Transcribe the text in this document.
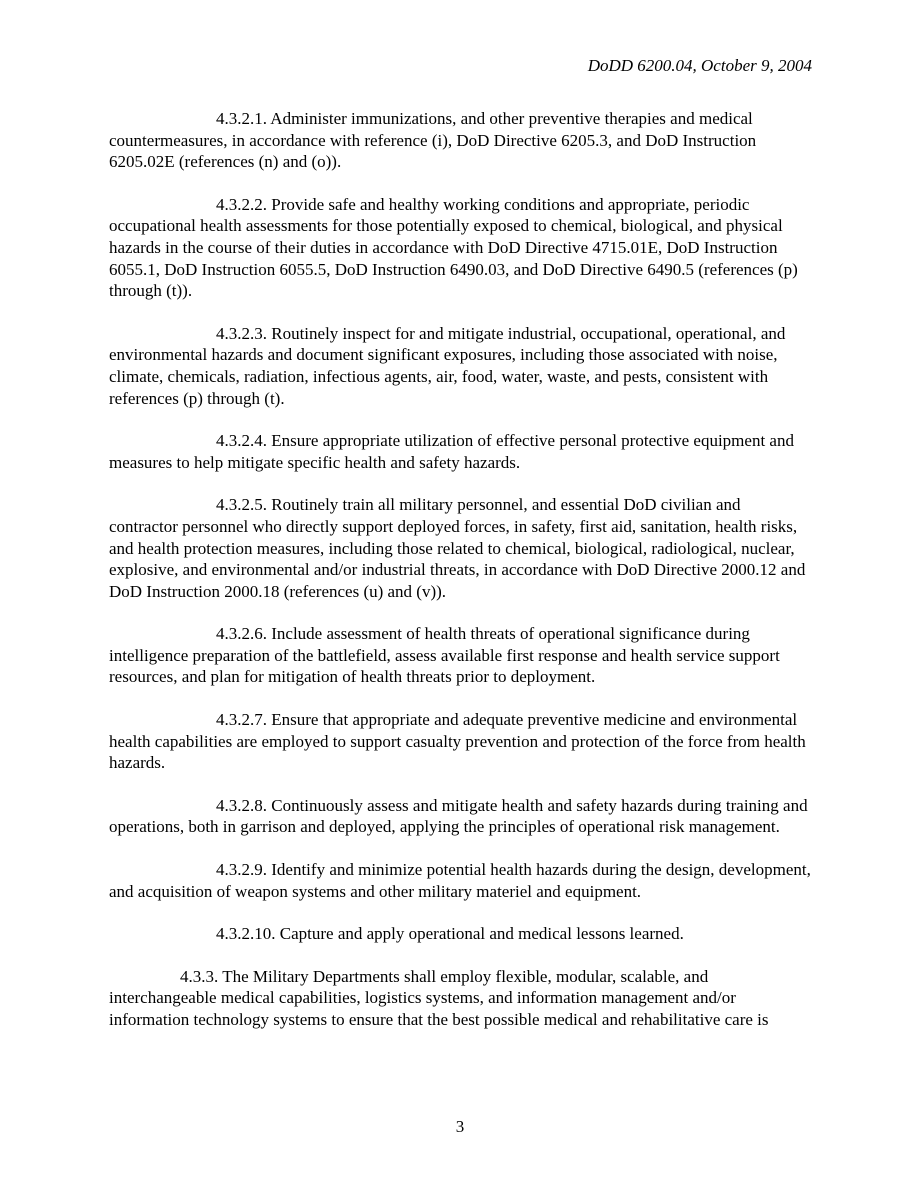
DoDD 6200.04, October 9, 2004

4.3.2.1. Administer immunizations, and other preventive therapies and medical countermeasures, in accordance with reference (i), DoD Directive 6205.3, and DoD Instruction 6205.02E (references (n) and (o)).

4.3.2.2. Provide safe and healthy working conditions and appropriate, periodic occupational health assessments for those potentially exposed to chemical, biological, and physical hazards in the course of their duties in accordance with DoD Directive 4715.01E, DoD Instruction 6055.1, DoD Instruction 6055.5, DoD Instruction 6490.03, and DoD Directive 6490.5 (references (p) through (t)).

4.3.2.3. Routinely inspect for and mitigate industrial, occupational, operational, and environmental hazards and document significant exposures, including those associated with noise, climate, chemicals, radiation, infectious agents, air, food, water, waste, and pests, consistent with references (p) through (t).

4.3.2.4. Ensure appropriate utilization of effective personal protective equipment and measures to help mitigate specific health and safety hazards.

4.3.2.5. Routinely train all military personnel, and essential DoD civilian and contractor personnel who directly support deployed forces, in safety, first aid, sanitation, health risks, and health protection measures, including those related to chemical, biological, radiological, nuclear, explosive, and environmental and/or industrial threats, in accordance with DoD Directive 2000.12 and DoD Instruction 2000.18 (references (u) and (v)).

4.3.2.6. Include assessment of health threats of operational significance during intelligence preparation of the battlefield, assess available first response and health service support resources, and plan for mitigation of health threats prior to deployment.

4.3.2.7. Ensure that appropriate and adequate preventive medicine and environmental health capabilities are employed to support casualty prevention and protection of the force from health hazards.

4.3.2.8. Continuously assess and mitigate health and safety hazards during training and operations, both in garrison and deployed, applying the principles of operational risk management.

4.3.2.9. Identify and minimize potential health hazards during the design, development, and acquisition of weapon systems and other military materiel and equipment.

4.3.2.10. Capture and apply operational and medical lessons learned.

4.3.3. The Military Departments shall employ flexible, modular, scalable, and interchangeable medical capabilities, logistics systems, and information management and/or information technology systems to ensure that the best possible medical and rehabilitative care is

3
